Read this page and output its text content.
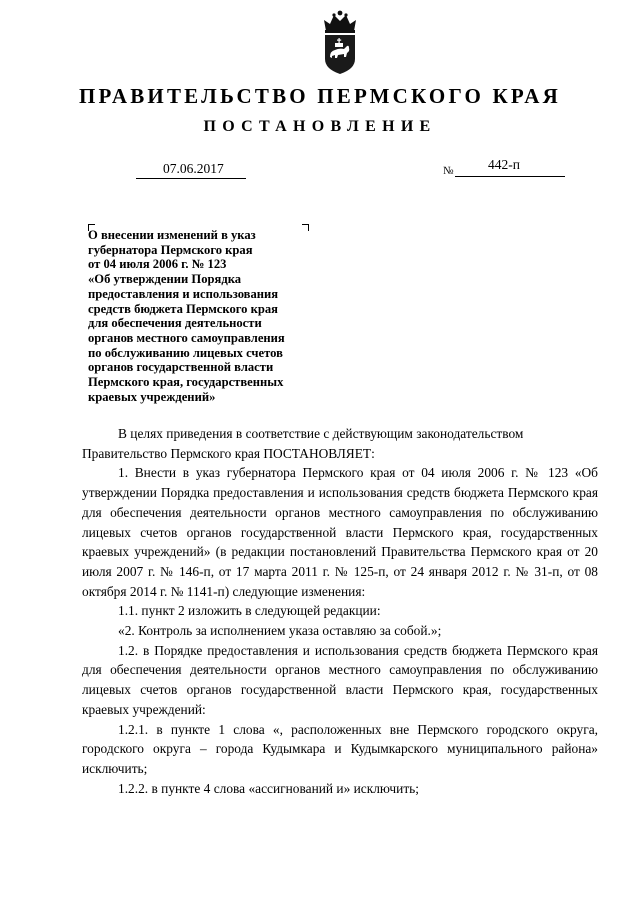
ПРАВИТЕЛЬСТВО ПЕРМСКОГО КРАЯ
ПОСТАНОВЛЕНИЕ
07.06.2017	№	442-п
О внесении изменений в указ
губернатора Пермского края
от 04 июля 2006 г. № 123
«Об утверждении Порядка
предоставления и использования
средств бюджета Пермского края
для обеспечения деятельности
органов местного самоуправления
по обслуживанию лицевых счетов
органов государственной власти
Пермского края, государственных
краевых учреждений»

В целях приведения в соответствие с действующим законодательством

Правительство Пермского края ПОСТАНОВЛЯЕТ:

1. Внести в указ губернатора Пермского края от 04 июля 2006 г. № 123 «Об утверждении Порядка предоставления и использования средств бюджета Пермского края для обеспечения деятельности органов местного самоуправления по обслуживанию лицевых счетов органов государственной власти Пермского края, государственных краевых учреждений» (в редакции постановлений Правительства Пермского края от 20 июля 2007 г. № 146-п, от 17 марта 2011 г. № 125-п, от 24 января 2012 г. № 31-п, от 08 октября 2014 г. № 1141-п) следующие изменения:

1.1. пункт 2 изложить в следующей редакции:

«2. Контроль за исполнением указа оставляю за собой.»;

1.2. в Порядке предоставления и использования средств бюджета Пермского края для обеспечения деятельности органов местного самоуправления по обслуживанию лицевых счетов органов государственной власти Пермского края, государственных краевых учреждений:

1.2.1. в пункте 1 слова «, расположенных вне Пермского городского округа, городского округа – города Кудымкара и Кудымкарского муниципального района» исключить;

1.2.2. в пункте 4 слова «ассигнований и» исключить;
